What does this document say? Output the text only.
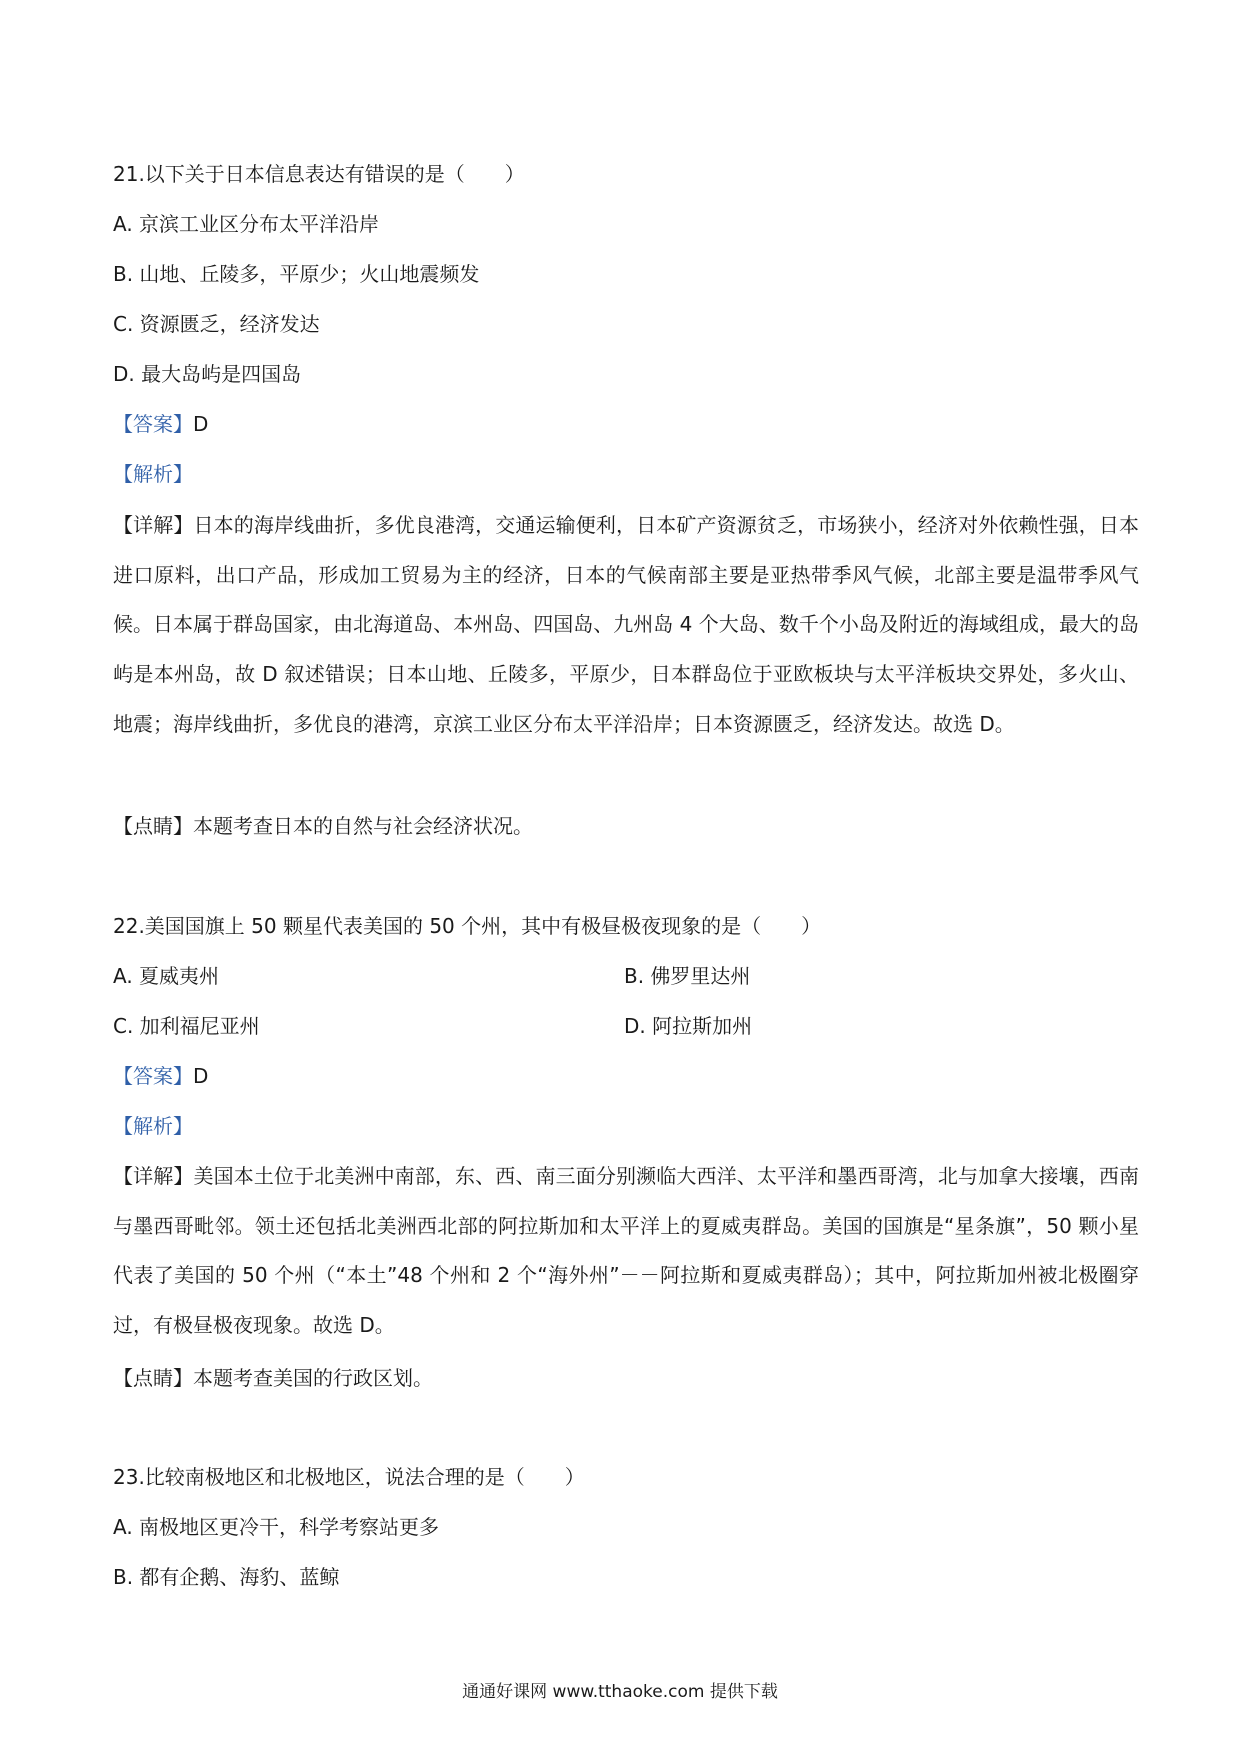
21.以下关于日本信息表达有错误的是（　　）
A. 京滨工业区分布太平洋沿岸
B. 山地、丘陵多，平原少；火山地震频发
C. 资源匮乏，经济发达
D. 最大岛屿是四国岛
【答案】D
【解析】
【详解】日本的海岸线曲折，多优良港湾，交通运输便利，日本矿产资源贫乏，市场狭小，经济对外依赖性强，日本进口原料，出口产品，形成加工贸易为主的经济，日本的气候南部主要是亚热带季风气候，北部主要是温带季风气候。日本属于群岛国家，由北海道岛、本州岛、四国岛、九州岛 4 个大岛、数千个小岛及附近的海域组成，最大的岛屿是本州岛，故 D 叙述错误；日本山地、丘陵多，平原少，日本群岛位于亚欧板块与太平洋板块交界处，多火山、地震；海岸线曲折，多优良的港湾，京滨工业区分布太平洋沿岸；日本资源匮乏，经济发达。故选 D。
【点睛】本题考查日本的自然与社会经济状况。
22.美国国旗上 50 颗星代表美国的 50 个州，其中有极昼极夜现象的是（　　）
A. 夏威夷州	B. 佛罗里达州
C. 加利福尼亚州	D. 阿拉斯加州
【答案】D
【解析】
【详解】美国本土位于北美洲中南部，东、西、南三面分别濒临大西洋、太平洋和墨西哥湾，北与加拿大接壤，西南与墨西哥毗邻。领土还包括北美洲西北部的阿拉斯加和太平洋上的夏威夷群岛。美国的国旗是“星条旗”，50 颗小星代表了美国的 50 个州（“本土”48 个州和 2 个“海外州”－－阿拉斯和夏威夷群岛）；其中，阿拉斯加州被北极圈穿过，有极昼极夜现象。故选 D。
【点睛】本题考查美国的行政区划。
23.比较南极地区和北极地区，说法合理的是（　　）
A. 南极地区更冷干，科学考察站更多
B. 都有企鹅、海豹、蓝鲸
通通好课网 www.tthaoke.com 提供下载
